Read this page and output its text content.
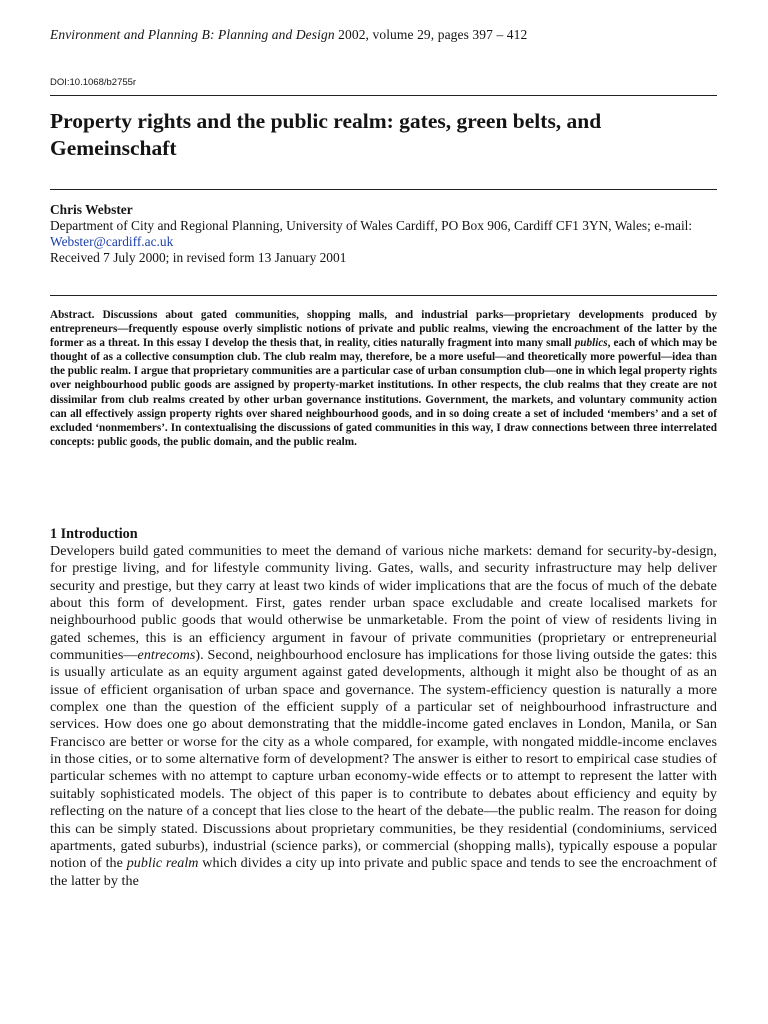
Environment and Planning B: Planning and Design 2002, volume 29, pages 397 – 412
DOI:10.1068/b2755r
Property rights and the public realm: gates, green belts, and Gemeinschaft
Chris Webster
Department of City and Regional Planning, University of Wales Cardiff, PO Box 906, Cardiff CF1 3YN, Wales; e-mail: Webster@cardiff.ac.uk
Received 7 July 2000; in revised form 13 January 2001

Abstract. Discussions about gated communities, shopping malls, and industrial parks—proprietary developments produced by entrepreneurs—frequently espouse overly simplistic notions of private and public realms, viewing the encroachment of the latter by the former as a threat. In this essay I develop the thesis that, in reality, cities naturally fragment into many small publics, each of which may be thought of as a collective consumption club. The club realm may, therefore, be a more useful—and theoretically more powerful—idea than the public realm. I argue that proprietary communities are a particular case of urban consumption club—one in which legal property rights over neighbourhood public goods are assigned by property-market institutions. In other respects, the club realms that they create are not dissimilar from club realms created by other urban governance institutions. Government, the markets, and voluntary community action can all effectively assign property rights over shared neighbourhood goods, and in so doing create a set of included ‘members’ and a set of excluded ‘nonmembers’. In contextualising the discussions of gated communities in this way, I draw connections between three interrelated concepts: public goods, the public domain, and the public realm.

1 Introduction

Developers build gated communities to meet the demand of various niche markets: demand for security-by-design, for prestige living, and for lifestyle community living. Gates, walls, and security infrastructure may help deliver security and prestige, but they carry at least two kinds of wider implications that are the focus of much of the debate about this form of development. First, gates render urban space excludable and create localised markets for neighbourhood public goods that would otherwise be unmarketable. From the point of view of residents living in gated schemes, this is an efficiency argument in favour of private communities (proprietary or entrepreneurial communities—entrecoms). Second, neighbourhood enclosure has implications for those living outside the gates: this is usually articulate as an equity argument against gated developments, although it might also be thought of as an issue of efficient organisation of urban space and governance. The system-efficiency question is naturally a more complex one than the question of the efficient supply of a particular set of neighbourhood infrastructure and services. How does one go about demonstrating that the middle-income gated enclaves in London, Manila, or San Francisco are better or worse for the city as a whole compared, for example, with nongated middle-income enclaves in those cities, or to some alternative form of development? The answer is either to resort to empirical case studies of particular schemes with no attempt to capture urban economy-wide effects or to attempt to represent the latter with suitably sophisticated models. The object of this paper is to contribute to debates about efficiency and equity by reflecting on the nature of a concept that lies close to the heart of the debate—the public realm. The reason for doing this can be simply stated. Discussions about proprietary communities, be they residential (condominiums, serviced apartments, gated suburbs), industrial (science parks), or commercial (shopping malls), typically espouse a popular notion of the public realm which divides a city up into private and public space and tends to see the encroachment of the latter by the
